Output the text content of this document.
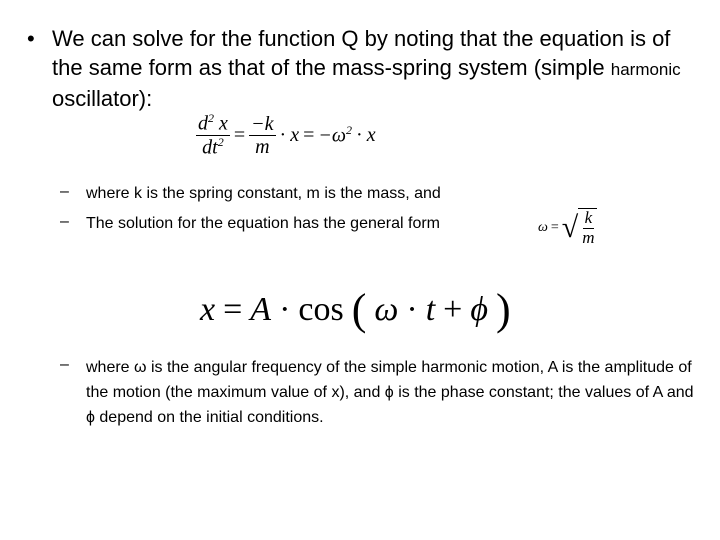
• We can solve for the function Q by noting that the equation is of the same form as that of the mass-spring system (simple harmonic oscillator):
$\frac{d^2 x}{dt^2} = \frac{-k}{m} \cdot x = -\omega^2 \cdot x$
– where k is the spring constant, m is the mass, and
– The solution for the equation has the general form	ω = √ $\frac{k}{m}$
x = A · cos ( ω · t + ϕ )
– where ω is the angular frequency of the simple harmonic motion, A is the amplitude of the motion (the maximum value of x), and ϕ is the phase constant; the values of A and ϕ depend on the initial conditions.
